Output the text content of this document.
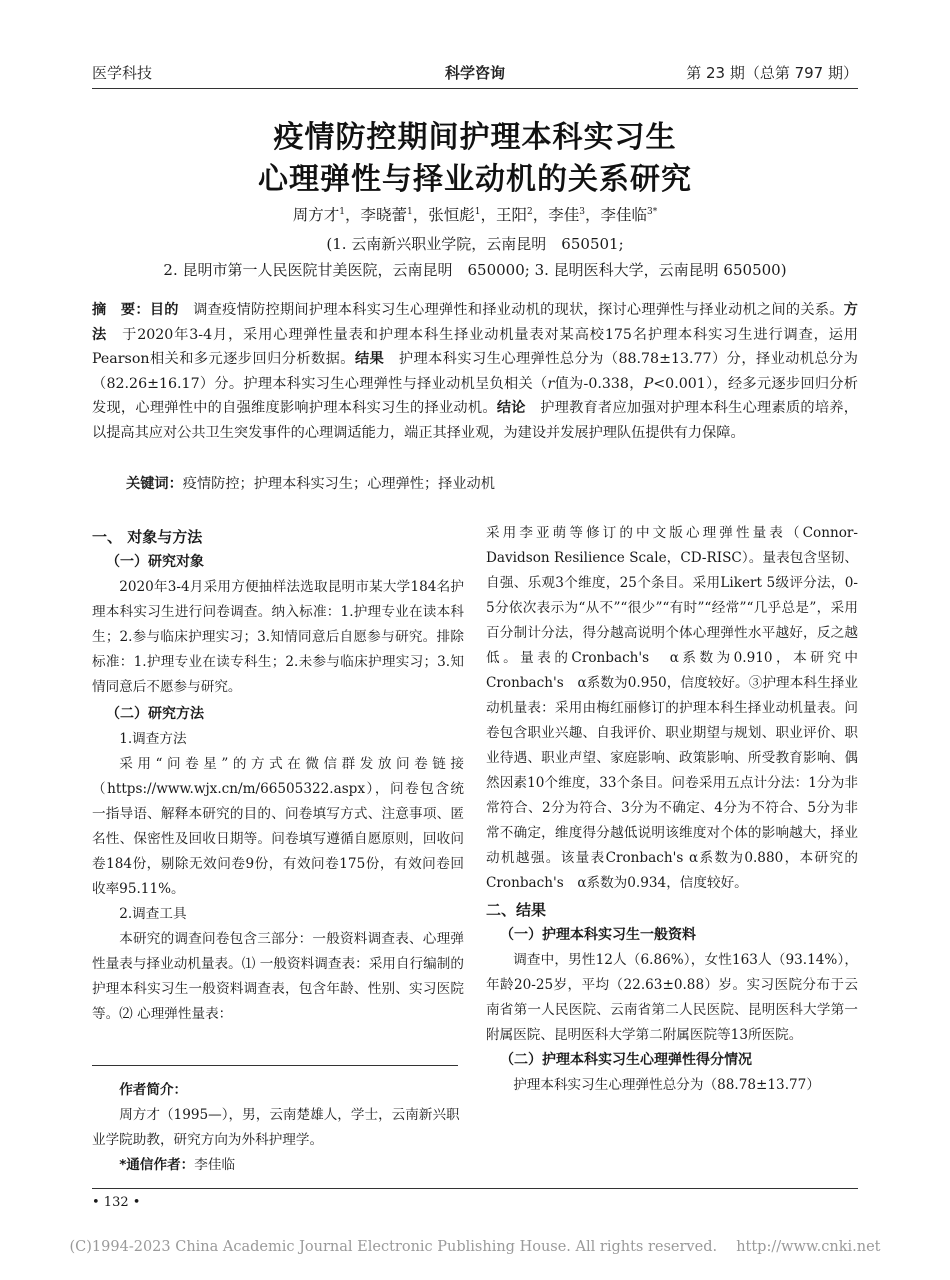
医学科技	科学咨询	第 23 期（总第 797 期）
疫情防控期间护理本科实习生
心理弹性与择业动机的关系研究
周方才$^1$，李晓蕾$^1$，张恒彪$^1$，王阳$^2$，李佳$^3$，李佳临$^{3*}$
(1. 云南新兴职业学院，云南昆明　650501;
2. 昆明市第一人民医院甘美医院，云南昆明　650000; 3. 昆明医科大学，云南昆明 650500)
摘　要：目的　调查疫情防控期间护理本科实习生心理弹性和择业动机的现状，探讨心理弹性与择业动机之间的关系。方法　于2020年3-4月，采用心理弹性量表和护理本科生择业动机量表对某高校175名护理本科实习生进行调查，运用Pearson相关和多元逐步回归分析数据。结果　护理本科实习生心理弹性总分为（88.78±13.77）分，择业动机总分为（82.26±16.17）分。护理本科实习生心理弹性与择业动机呈负相关（r值为-0.338，P<0.001），经多元逐步回归分析发现，心理弹性中的自强维度影响护理本科实习生的择业动机。结论　护理教育者应加强对护理本科生心理素质的培养，以提高其应对公共卫生突发事件的心理调适能力，端正其择业观，为建设并发展护理队伍提供有力保障。
关键词：疫情防控；护理本科实习生；心理弹性；择业动机
一、 对象与方法
（一）研究对象

2020年3-4月采用方便抽样法选取昆明市某大学184名护理本科实习生进行问卷调查。纳入标准：1.护理专业在读本科生；2.参与临床护理实习；3.知情同意后自愿参与研究。排除标准：1.护理专业在读专科生；2.未参与临床护理实习；3.知情同意后不愿参与研究。

（二）研究方法
1.调查方法

采用“问卷星”的方式在微信群发放问卷链接（https://www.wjx.cn/m/66505322.aspx），问卷包含统一指导语、解释本研究的目的、问卷填写方式、注意事项、匿名性、保密性及回收日期等。问卷填写遵循自愿原则，回收问卷184份，剔除无效问卷9份，有效问卷175份，有效问卷回收率95.11%。

2.调查工具

本研究的调查问卷包含三部分：一般资料调查表、心理弹性量表与择业动机量表。⑴ 一般资料调查表：采用自行编制的护理本科实习生一般资料调查表，包含年龄、性别、实习医院等。⑵ 心理弹性量表：

作者简介：

周方才（1995—），男，云南楚雄人，学士，云南新兴职业学院助教，研究方向为外科护理学。

*通信作者：李佳临

采用李亚萌等修订的中文版心理弹性量表（Connor-Davidson Resilience Scale，CD-RISC）。量表包含坚韧、自强、乐观3个维度，25个条目。采用Likert 5级评分法，0-5分依次表示为“从不”“很少”“有时”“经常”“几乎总是”，采用百分制计分法，得分越高说明个体心理弹性水平越好，反之越低。量表的Cronbach's　α系数为0.910，本研究中Cronbach's　α系数为0.950，信度较好。③护理本科生择业动机量表：采用由梅红丽修订的护理本科生择业动机量表。问卷包含职业兴趣、自我评价、职业期望与规划、职业评价、职业待遇、职业声望、家庭影响、政策影响、所受教育影响、偶然因素10个维度，33个条目。问卷采用五点计分法：1分为非常符合、2分为符合、3分为不确定、4分为不符合、5分为非常不确定，维度得分越低说明该维度对个体的影响越大，择业动机越强。该量表Cronbach's α系数为0.880，本研究的Cronbach's　α系数为0.934，信度较好。

二、结果
（一）护理本科实习生一般资料

调查中，男性12人（6.86%），女性163人（93.14%），年龄20-25岁，平均（22.63±0.88）岁。实习医院分布于云南省第一人民医院、云南省第二人民医院、昆明医科大学第一附属医院、昆明医科大学第二附属医院等13所医院。

（二）护理本科实习生心理弹性得分情况

护理本科实习生心理弹性总分为（88.78±13.77）

• 132 •
(C)1994-2023 China Academic Journal Electronic Publishing House. All rights reserved.　 http://www.cnki.net
